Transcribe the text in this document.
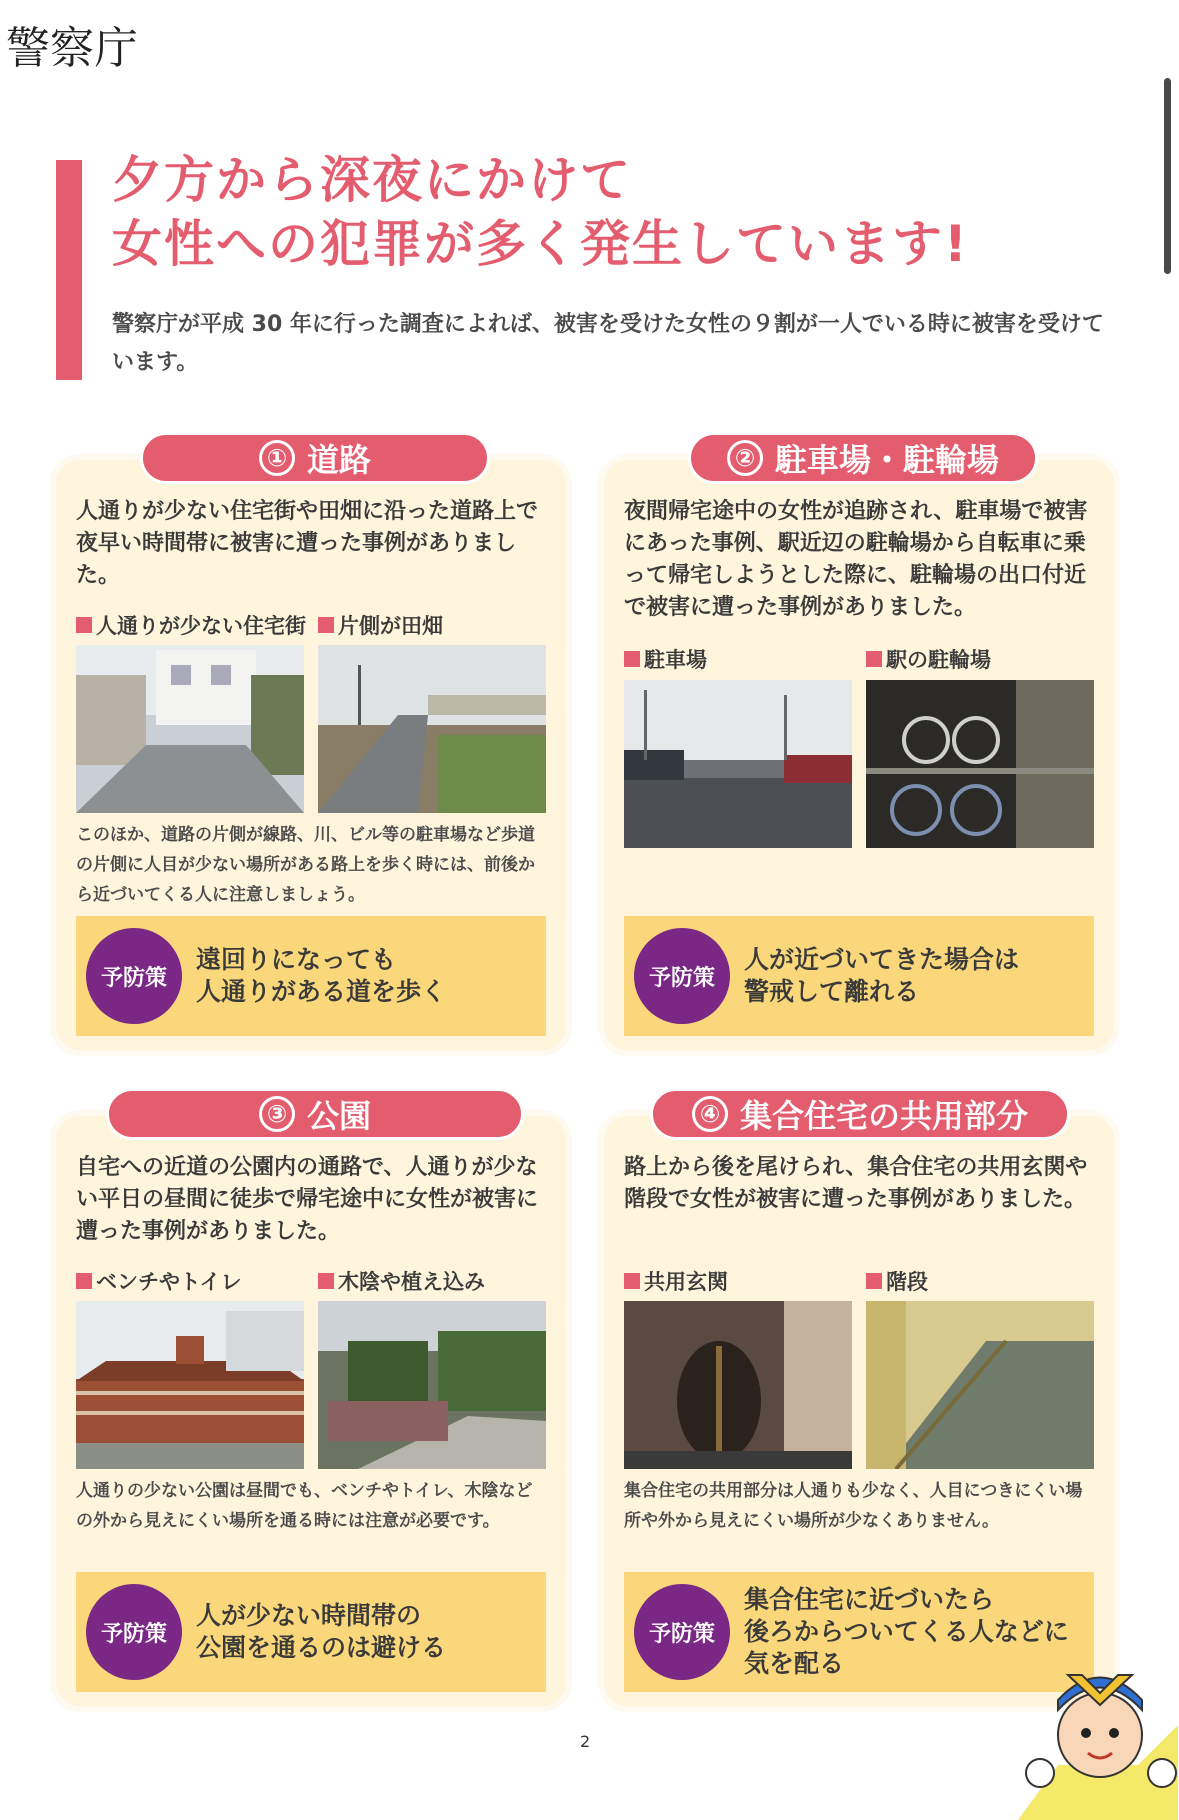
警察庁
夕方から深夜にかけて
女性への犯罪が多く発生しています!
警察庁が平成 30 年に行った調査によれば、被害を受けた女性の９割が一人でいる時に被害を受けています。
人通りが少ない住宅街や田畑に沿った道路上で夜早い時間帯に被害に遭った事例がありました。
人通りが少ない住宅街 片側が田畑
このほか、道路の片側が線路、川、ビル等の駐車場など歩道の片側に人目が少ない場所がある路上を歩く時には、前後から近づいてくる人に注意しましょう。
予防策
遠回りになっても
人通りがある道を歩く
① 道路
夜間帰宅途中の女性が追跡され、駐車場で被害にあった事例、駅近辺の駐輪場から自転車に乗って帰宅しようとした際に、駐輪場の出口付近で被害に遭った事例がありました。
駐車場	駅の駐輪場
予防策
人が近づいてきた場合は
警戒して離れる
② 駐車場・駐輪場
自宅への近道の公園内の通路で、人通りが少ない平日の昼間に徒歩で帰宅途中に女性が被害に遭った事例がありました。
ベンチやトイレ	木陰や植え込み
人通りの少ない公園は昼間でも、ベンチやトイレ、木陰などの外から見えにくい場所を通る時には注意が必要です。
予防策
人が少ない時間帯の
公園を通るのは避ける
③ 公園
路上から後を尾けられ、集合住宅の共用玄関や階段で女性が被害に遭った事例がありました。
共用玄関	階段
集合住宅の共用部分は人通りも少なく、人目につきにくい場所や外から見えにくい場所が少なくありません。
予防策
集合住宅に近づいたら
後ろからついてくる人などに
気を配る
④ 集合住宅の共用部分
2
